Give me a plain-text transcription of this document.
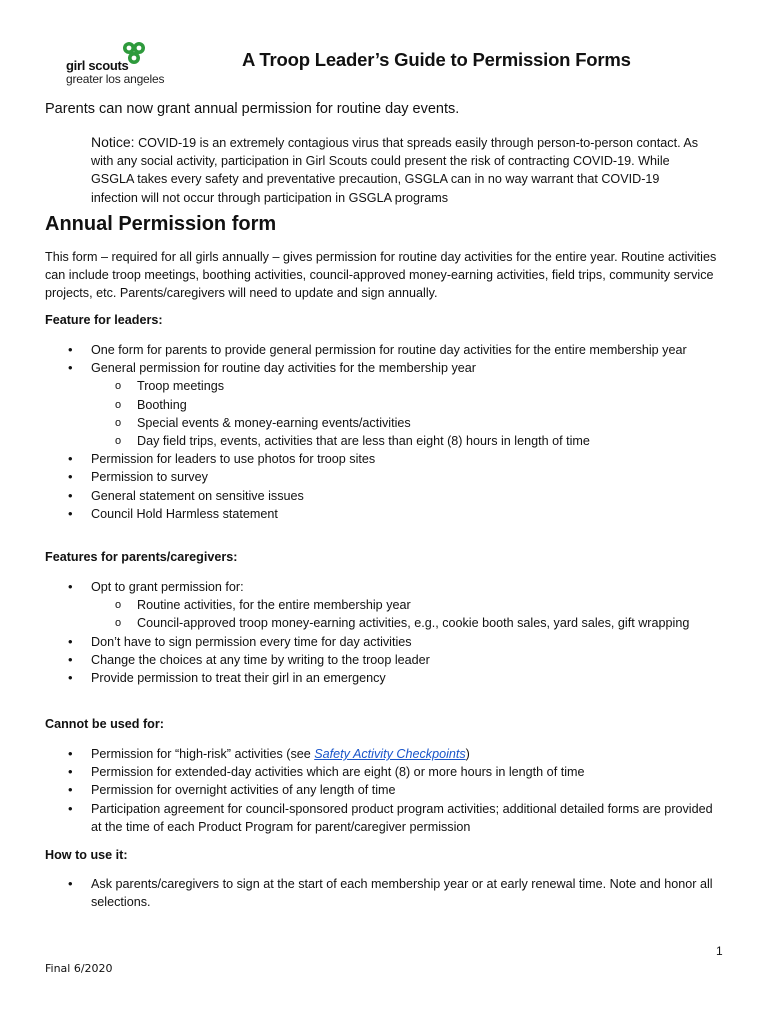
girl scouts
greater los angeles
A Troop Leader’s Guide to Permission Forms
Parents can now grant annual permission for routine day events.
Notice: COVID-19 is an extremely contagious virus that spreads easily through person-to-person contact. As with any social activity, participation in Girl Scouts could present the risk of contracting COVID-19. While GSGLA takes every safety and preventative precaution, GSGLA can in no way warrant that COVID-19 infection will not occur through participation in GSGLA programs
Annual Permission form
This form – required for all girls annually – gives permission for routine day activities for the entire year. Routine activities can include troop meetings, boothing activities, council-approved money-earning activities, field trips, community service projects, etc. Parents/caregivers will need to update and sign annually.
Feature for leaders:
• One form for parents to provide general permission for routine day activities for the entire membership year
• General permission for routine day activities for the membership year
o Troop meetings
o Boothing
o Special events & money-earning events/activities
o Day field trips, events, activities that are less than eight (8) hours in length of time
• Permission for leaders to use photos for troop sites
• Permission to survey
• General statement on sensitive issues
• Council Hold Harmless statement
Features for parents/caregivers:
• Opt to grant permission for:
o Routine activities, for the entire membership year
o Council-approved troop money-earning activities, e.g., cookie booth sales, yard sales, gift wrapping
• Don’t have to sign permission every time for day activities
• Change the choices at any time by writing to the troop leader
• Provide permission to treat their girl in an emergency
Cannot be used for:
• Permission for “high-risk” activities (see Safety Activity Checkpoints)
• Permission for extended-day activities which are eight (8) or more hours in length of time
• Permission for overnight activities of any length of time
• Participation agreement for council-sponsored product program activities; additional detailed forms are provided at the time of each Product Program for parent/caregiver permission
How to use it:
• Ask parents/caregivers to sign at the start of each membership year or at early renewal time. Note and honor all selections.
1
Final 6/2020
